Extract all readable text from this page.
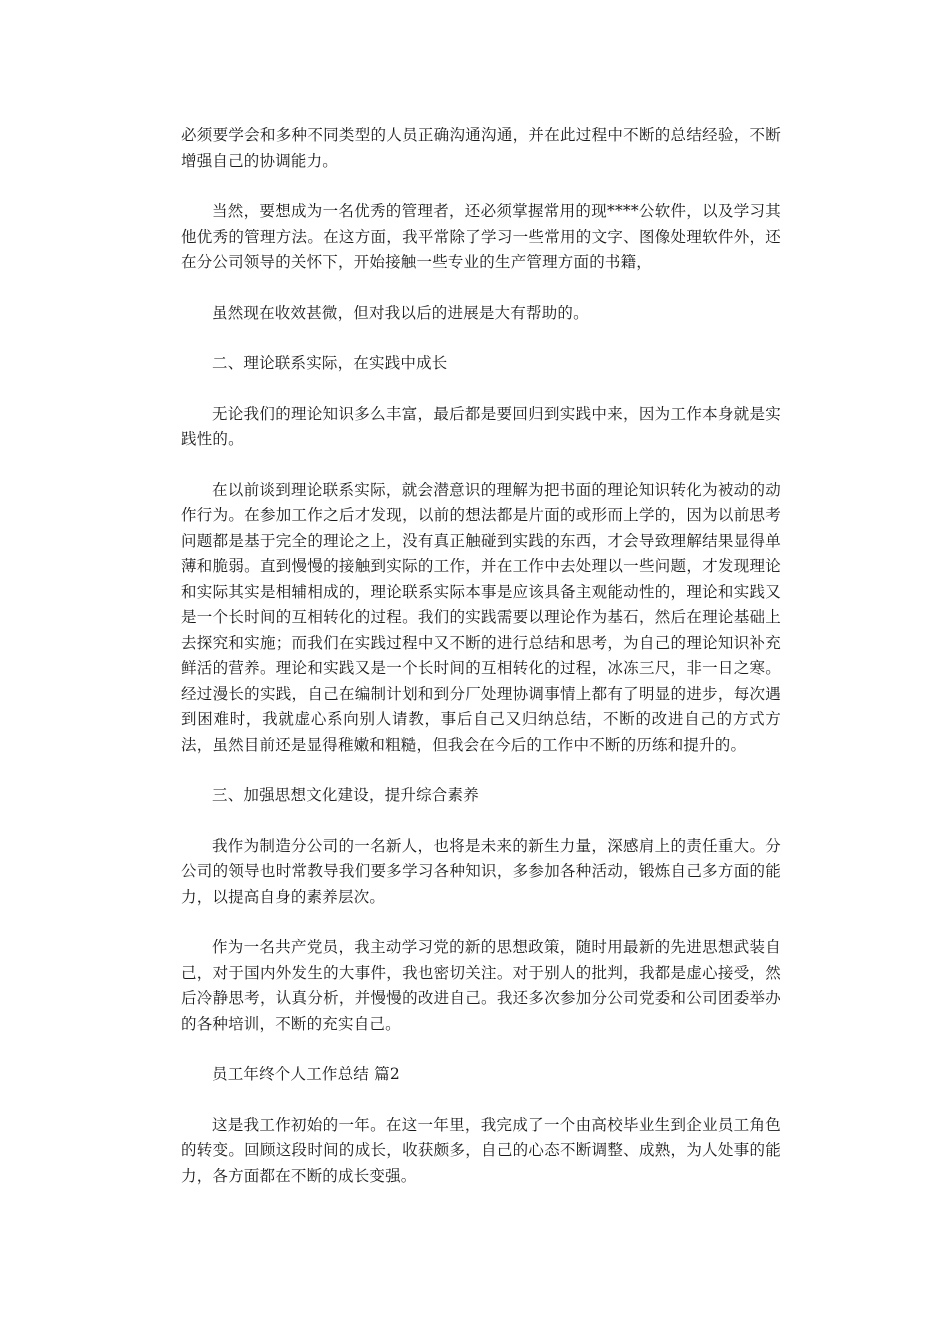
必须要学会和多种不同类型的人员正确沟通沟通，并在此过程中不断的总结经验，不断增强自己的协调能力。

当然，要想成为一名优秀的管理者，还必须掌握常用的现****公软件，以及学习其他优秀的管理方法。在这方面，我平常除了学习一些常用的文字、图像处理软件外，还在分公司领导的关怀下，开始接触一些专业的生产管理方面的书籍，

虽然现在收效甚微，但对我以后的进展是大有帮助的。

二、理论联系实际，在实践中成长

无论我们的理论知识多么丰富，最后都是要回归到实践中来，因为工作本身就是实践性的。

在以前谈到理论联系实际，就会潜意识的理解为把书面的理论知识转化为被动的动作行为。在参加工作之后才发现，以前的想法都是片面的或形而上学的，因为以前思考问题都是基于完全的理论之上，没有真正触碰到实践的东西，才会导致理解结果显得单薄和脆弱。直到慢慢的接触到实际的工作，并在工作中去处理以一些问题，才发现理论和实际其实是相辅相成的，理论联系实际本事是应该具备主观能动性的，理论和实践又是一个长时间的互相转化的过程。我们的实践需要以理论作为基石，然后在理论基础上去探究和实施；而我们在实践过程中又不断的进行总结和思考，为自己的理论知识补充鲜活的营养。理论和实践又是一个长时间的互相转化的过程，冰冻三尺，非一日之寒。经过漫长的实践，自己在编制计划和到分厂处理协调事情上都有了明显的进步，每次遇到困难时，我就虚心系向别人请教，事后自己又归纳总结，不断的改进自己的方式方法，虽然目前还是显得稚嫩和粗糙，但我会在今后的工作中不断的历练和提升的。

三、加强思想文化建设，提升综合素养

我作为制造分公司的一名新人，也将是未来的新生力量，深感肩上的责任重大。分公司的领导也时常教导我们要多学习各种知识，多参加各种活动，锻炼自己多方面的能力，以提高自身的素养层次。

作为一名共产党员，我主动学习党的新的思想政策，随时用最新的先进思想武装自己，对于国内外发生的大事件，我也密切关注。对于别人的批判，我都是虚心接受，然后冷静思考，认真分析，并慢慢的改进自己。我还多次参加分公司党委和公司团委举办的各种培训，不断的充实自己。

员工年终个人工作总结 篇2

这是我工作初始的一年。在这一年里，我完成了一个由高校毕业生到企业员工角色的转变。回顾这段时间的成长，收获颇多，自己的心态不断调整、成熟，为人处事的能力，各方面都在不断的成长变强。
